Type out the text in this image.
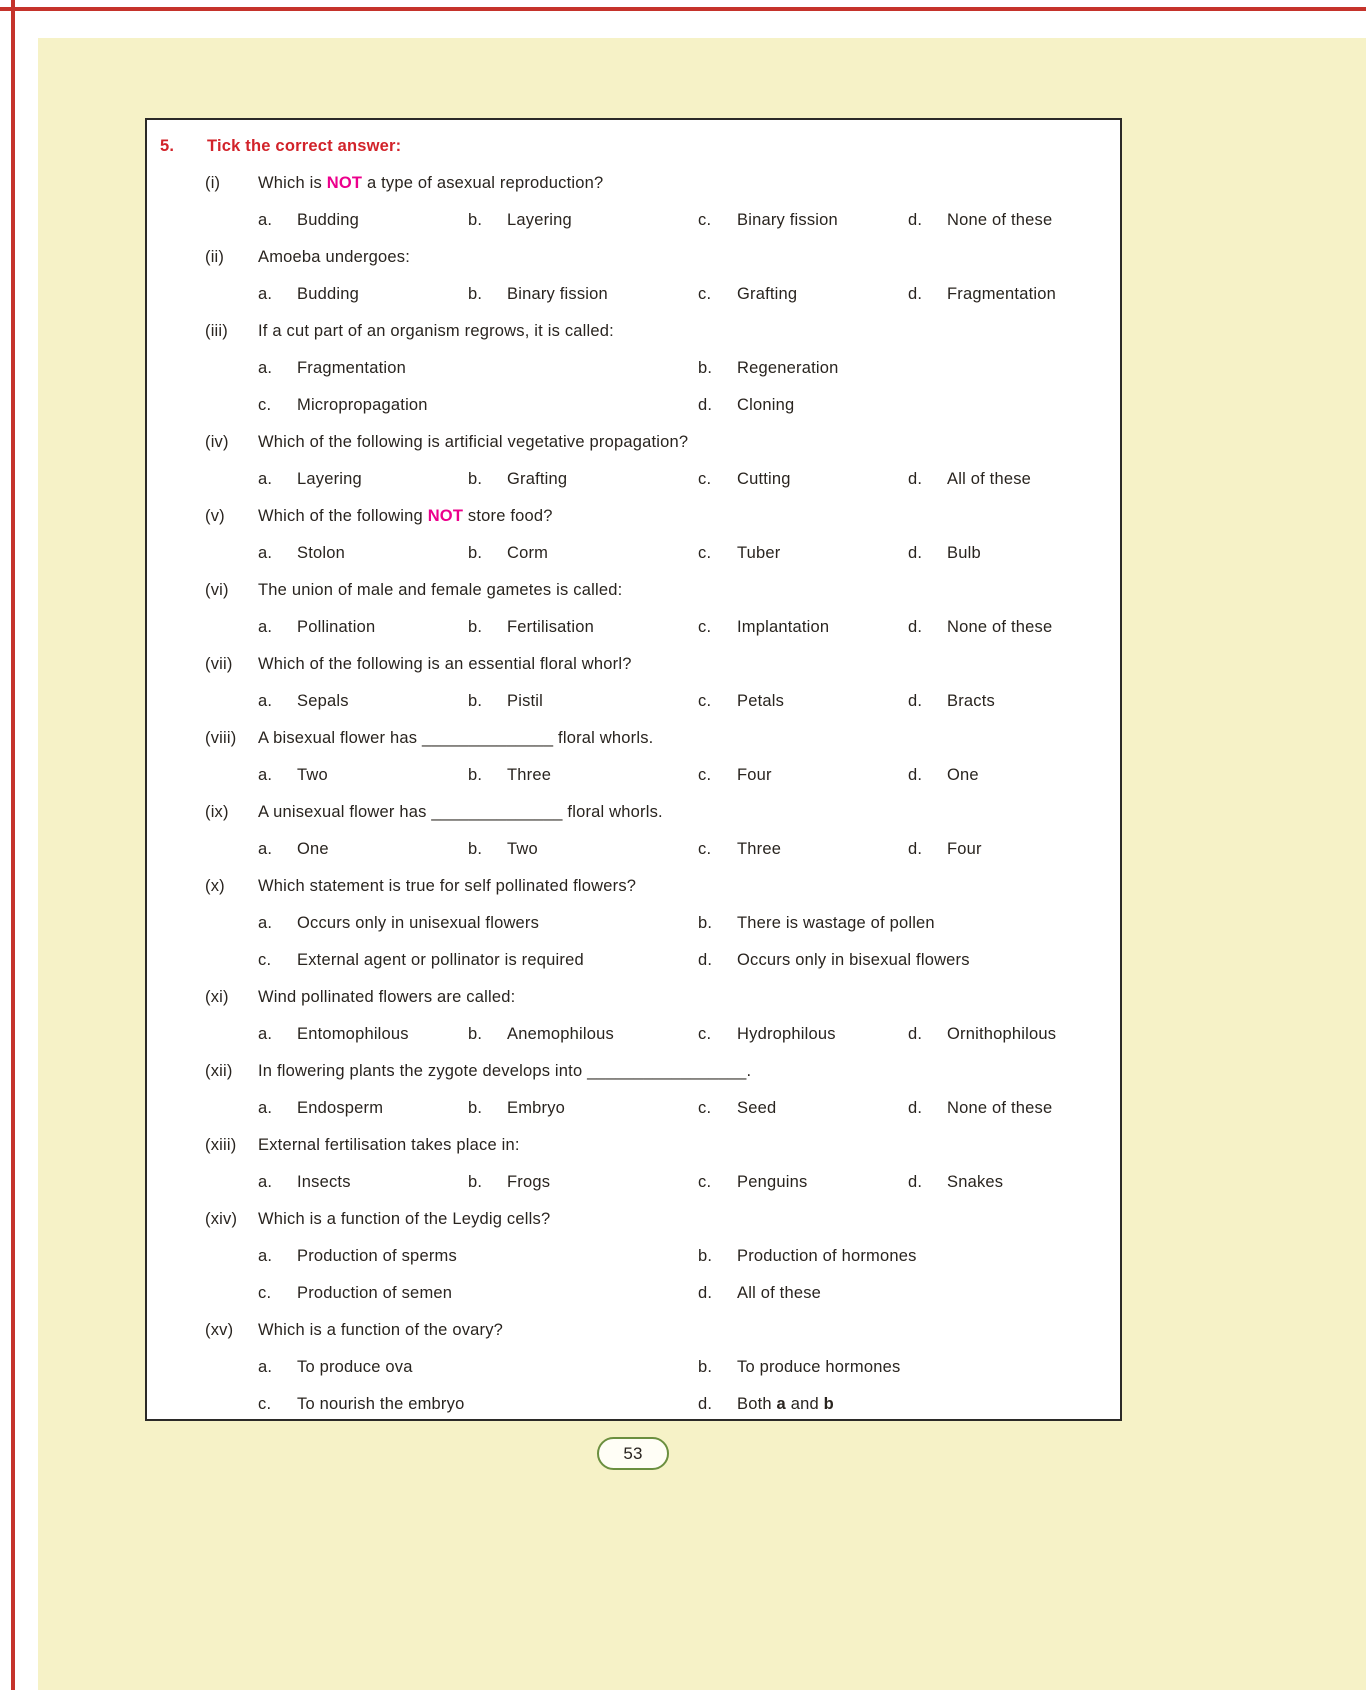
5.	Tick the correct answer:
(i)	Which is NOT a type of asexual reproduction?
a.	Budding	b.	Layering	c.	Binary fission	d.	None of these
(ii)	Amoeba undergoes:
a.	Budding	b.	Binary fission	c.	Grafting	d.	Fragmentation
(iii)	If a cut part of an organism regrows, it is called:
a.	Fragmentation	b.	Regeneration
c.	Micropropagation	d.	Cloning
(iv)	Which of the following is artificial vegetative propagation?
a.	Layering	b.	Grafting	c.	Cutting	d.	All of these
(v)	Which of the following NOT store food?
a.	Stolon	b.	Corm	c.	Tuber	d.	Bulb
(vi)	The union of male and female gametes is called:
a.	Pollination	b.	Fertilisation	c.	Implantation	d.	None of these
(vii)	Which of the following is an essential floral whorl?
a.	Sepals	b.	Pistil	c.	Petals	d.	Bracts
(viii)	A bisexual flower has ______________ floral whorls.
a.	Two	b.	Three	c.	Four	d.	One
(ix)	A unisexual flower has ______________ floral whorls.
a.	One	b.	Two	c.	Three	d.	Four
(x)	Which statement is true for self pollinated flowers?
a.	Occurs only in unisexual flowers	b.	There is wastage of pollen
c.	External agent or pollinator is required	d.	Occurs only in bisexual flowers
(xi)	Wind pollinated flowers are called:
a.	Entomophilous	b.	Anemophilous	c.	Hydrophilous	d.	Ornithophilous
(xii)	In flowering plants the zygote develops into _________________.
a.	Endosperm	b.	Embryo	c.	Seed	d.	None of these
(xiii)	External fertilisation takes place in:
a.	Insects	b.	Frogs	c.	Penguins	d.	Snakes
(xiv)	Which is a function of the Leydig cells?
a.	Production of sperms	b.	Production of hormones
c.	Production of semen	d.	All of these
(xv)	Which is a function of the ovary?
a.	To produce ova	b.	To produce hormones
c.	To nourish the embryo	d.	Both a and b
53
